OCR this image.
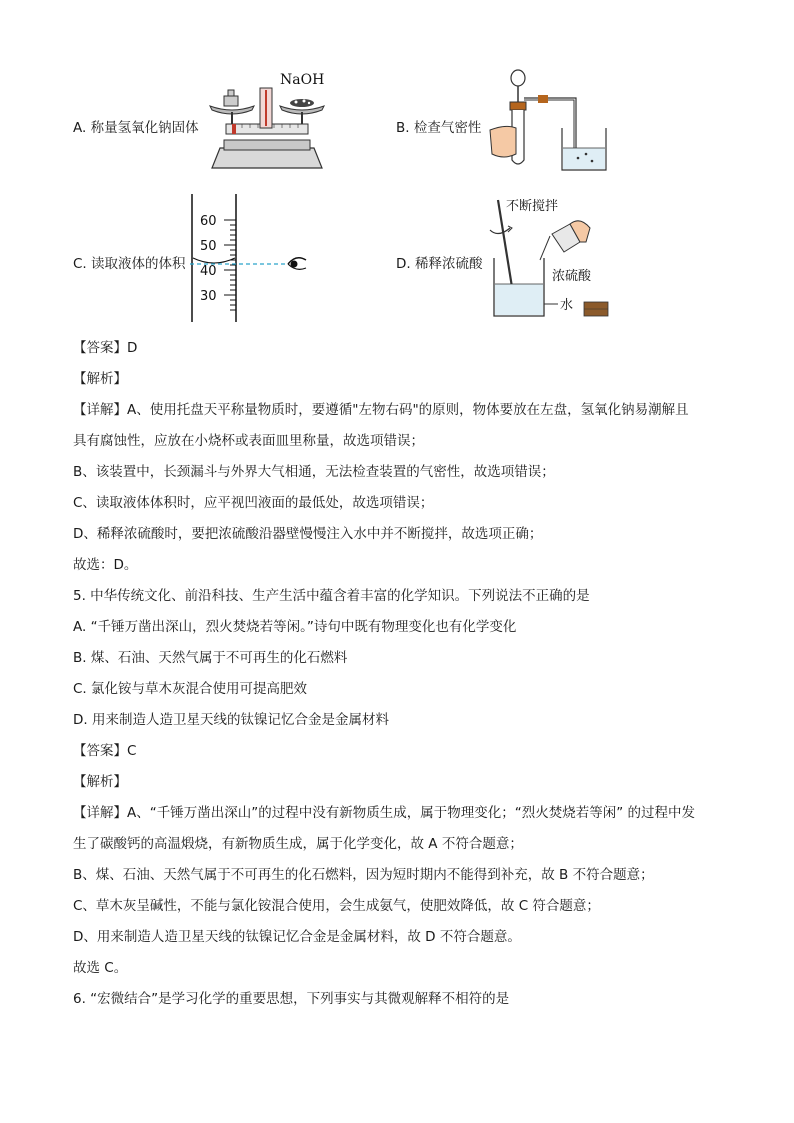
A. 称量氢氧化钠固体
NaOH
B. 检查气密性
C. 读取液体的体积
60
50
40
30
D. 稀释浓硫酸
不断搅拌
浓硫酸
水
【答案】D
【解析】
【详解】A、使用托盘天平称量物质时，要遵循"左物右码"的原则，物体要放在左盘，氢氧化钠易潮解且
具有腐蚀性，应放在小烧杯或表面皿里称量，故选项错误；
B、该装置中，长颈漏斗与外界大气相通，无法检查装置的气密性，故选项错误；
C、读取液体体积时，应平视凹液面的最低处，故选项错误；
D、稀释浓硫酸时，要把浓硫酸沿器壁慢慢注入水中并不断搅拌，故选项正确；
故选：D。
5. 中华传统文化、前沿科技、生产生活中蕴含着丰富的化学知识。下列说法不正确的是
A. “千锤万凿出深山，烈火焚烧若等闲。”诗句中既有物理变化也有化学变化
B. 煤、石油、天然气属于不可再生的化石燃料
C. 氯化铵与草木灰混合使用可提高肥效
D. 用来制造人造卫星天线的钛镍记忆合金是金属材料
【答案】C
【解析】
【详解】A、“千锤万凿出深山”的过程中没有新物质生成，属于物理变化；“烈火焚烧若等闲” 的过程中发
生了碳酸钙的高温煅烧，有新物质生成，属于化学变化，故 A 不符合题意；
B、煤、石油、天然气属于不可再生的化石燃料，因为短时期内不能得到补充，故 B 不符合题意；
C、草木灰呈碱性，不能与氯化铵混合使用，会生成氨气，使肥效降低，故 C 符合题意；
D、用来制造人造卫星天线的钛镍记忆合金是金属材料，故 D 不符合题意。
故选 C。
6. “宏微结合”是学习化学的重要思想，下列事实与其微观解释不相符的是
